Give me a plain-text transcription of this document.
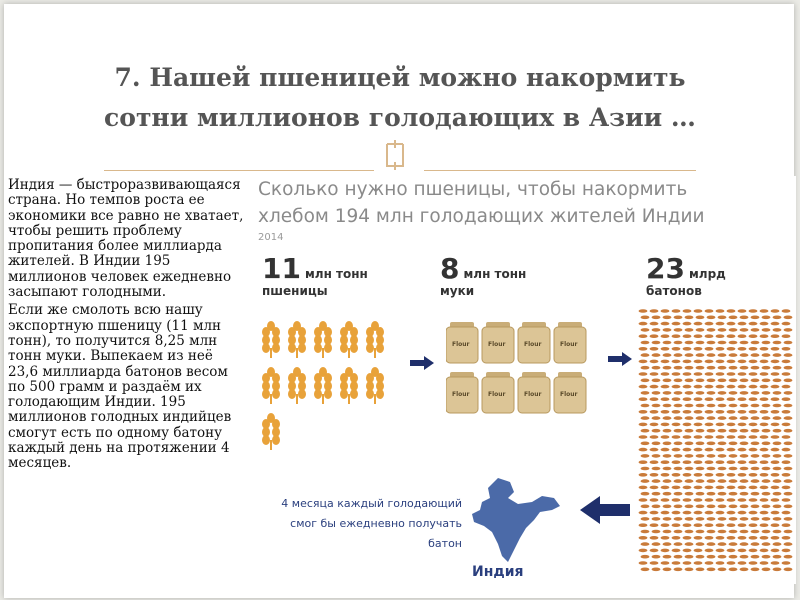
7. Нашей пшеницей можно накормить
сотни миллионов голодающих в Азии …

Индия — быстроразвивающаяся страна. Но темпов роста ее экономики все равно не хватает, чтобы решить проблему пропитания более миллиарда жителей. В Индии 195 миллионов человек ежедневно засыпают голодными.

Если же смолоть всю нашу экспортную пшеницу (11 млн тонн), то получится 8,25 млн тонн муки. Выпекаем из неё 23,6 миллиарда батонов весом по 500 грамм и раздаём их голодающим Индии. 195 миллионов голодных индийцев смогут есть по одному батону каждый день на протяжении 4 месяцев.

Сколько нужно пшеницы, чтобы накормить
хлебом 194 млн голодающих жителей Индии
2014
11 млн тонн
пшеницы
8 млн тонн
муки
23 млрд
батонов
Flour	Flour	Flour	Flour
Flour	Flour	Flour	Flour
4 месяца каждый голодающий
смог бы ежедневно получать
батон
Индия
